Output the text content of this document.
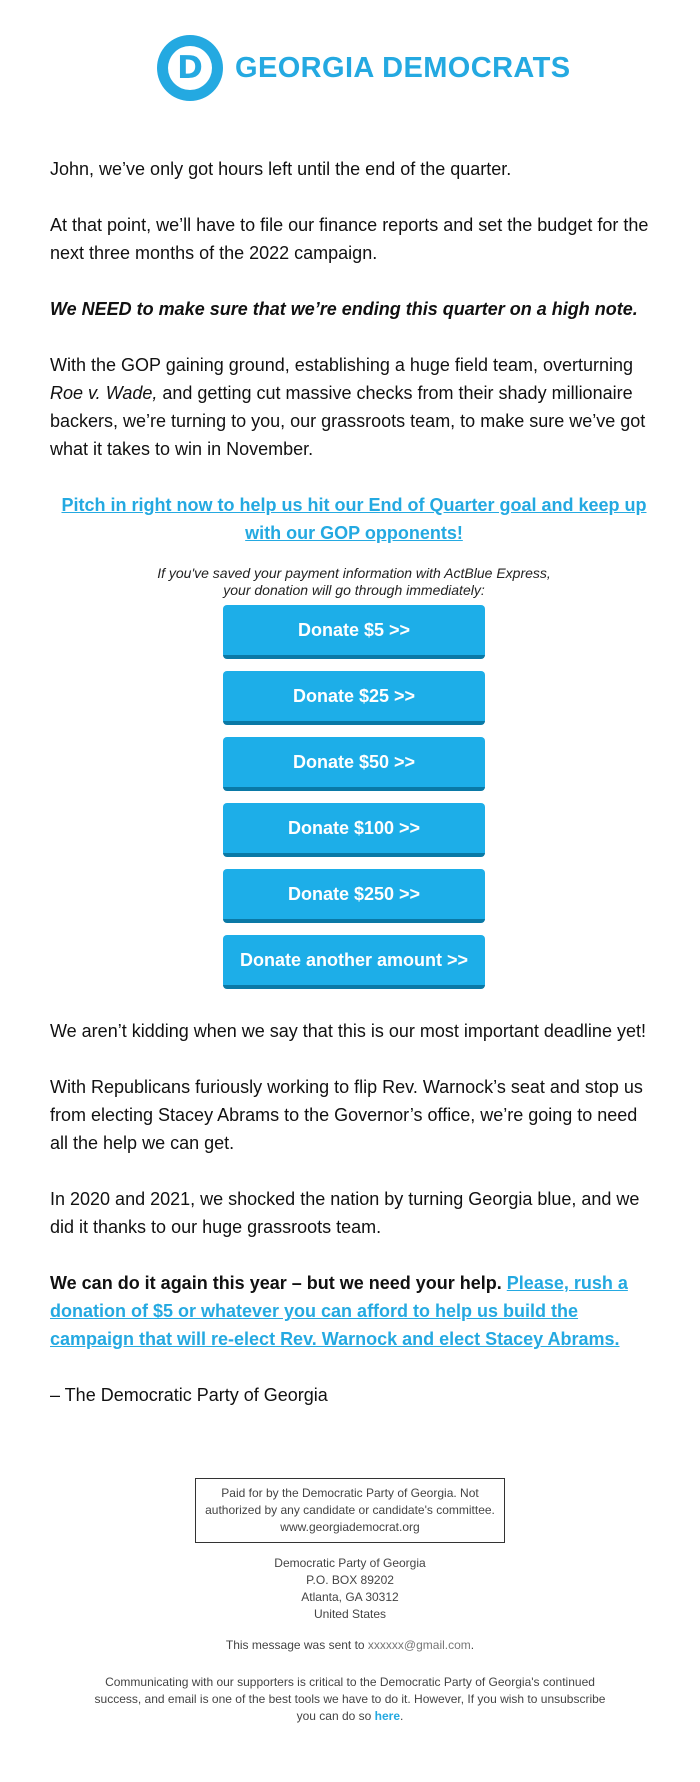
D	GEORGIA DEMOCRATS

John, we’ve only got hours left until the end of the quarter.

At that point, we’ll have to file our finance reports and set the budget for the next three months of the 2022 campaign.

We NEED to make sure that we’re ending this quarter on a high note.

With the GOP gaining ground, establishing a huge field team, overturning Roe v. Wade, and getting cut massive checks from their shady millionaire backers, we’re turning to you, our grassroots team, to make sure we’ve got what it takes to win in November.

Pitch in right now to help us hit our End of Quarter goal and keep up with our GOP opponents!
If you've saved your payment information with ActBlue Express,
your donation will go through immediately:
Donate $5 >>
Donate $25 >>
Donate $50 >>
Donate $100 >>
Donate $250 >>
Donate another amount >>

We aren’t kidding when we say that this is our most important deadline yet!

With Republicans furiously working to flip Rev. Warnock’s seat and stop us from electing Stacey Abrams to the Governor’s office, we’re going to need all the help we can get.

In 2020 and 2021, we shocked the nation by turning Georgia blue, and we did it thanks to our huge grassroots team.

We can do it again this year – but we need your help. Please, rush a donation of $5 or whatever you can afford to help us build the campaign that will re-elect Rev. Warnock and elect Stacey Abrams.

– The Democratic Party of Georgia

Paid for by the Democratic Party of Georgia. Not
authorized by any candidate or candidate's committee.
www.georgiademocrat.org
Democratic Party of Georgia
P.O. BOX 89202
Atlanta, GA 30312
United States
This message was sent to xxxxxx@gmail.com.
Communicating with our supporters is critical to the Democratic Party of Georgia's continued success, and email is one of the best tools we have to do it. However, If you wish to unsubscribe you can do so here.
